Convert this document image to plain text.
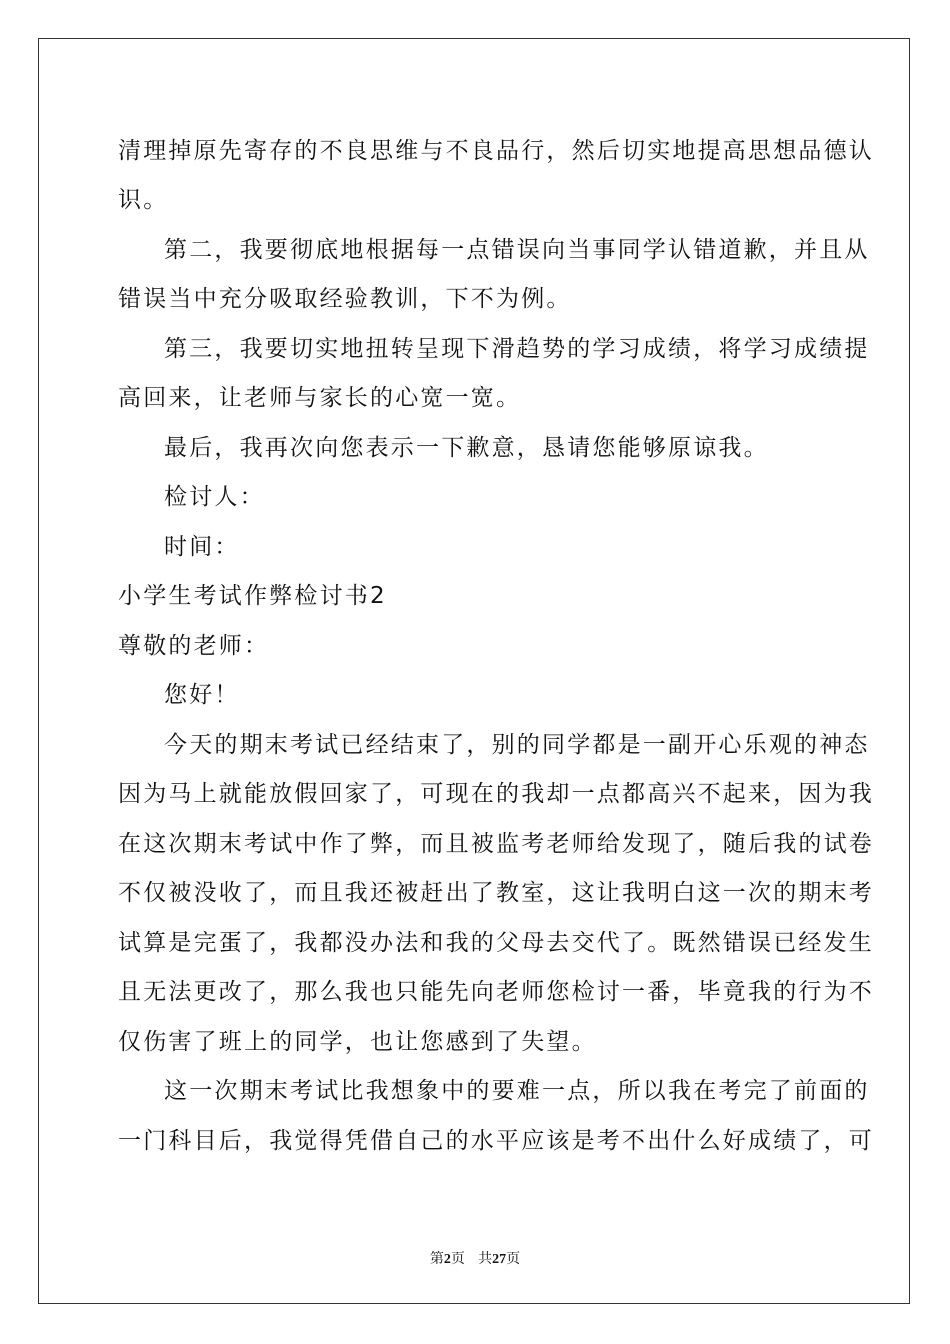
清理掉原先寄存的不良思维与不良品行，然后切实地提高思想品德认
识。
第二，我要彻底地根据每一点错误向当事同学认错道歉，并且从
错误当中充分吸取经验教训，下不为例。
第三，我要切实地扭转呈现下滑趋势的学习成绩，将学习成绩提
高回来，让老师与家长的心宽一宽。
最后，我再次向您表示一下歉意，恳请您能够原谅我。
检讨人：
时间：
小学生考试作弊检讨书2
尊敬的老师：
您好！
今天的期末考试已经结束了，别的同学都是一副开心乐观的神态
因为马上就能放假回家了，可现在的我却一点都高兴不起来，因为我
在这次期末考试中作了弊，而且被监考老师给发现了，随后我的试卷
不仅被没收了，而且我还被赶出了教室，这让我明白这一次的期末考
试算是完蛋了，我都没办法和我的父母去交代了。既然错误已经发生
且无法更改了，那么我也只能先向老师您检讨一番，毕竟我的行为不
仅伤害了班上的同学，也让您感到了失望。
这一次期末考试比我想象中的要难一点，所以我在考完了前面的
一门科目后，我觉得凭借自己的水平应该是考不出什么好成绩了，可
第2页 共27页
